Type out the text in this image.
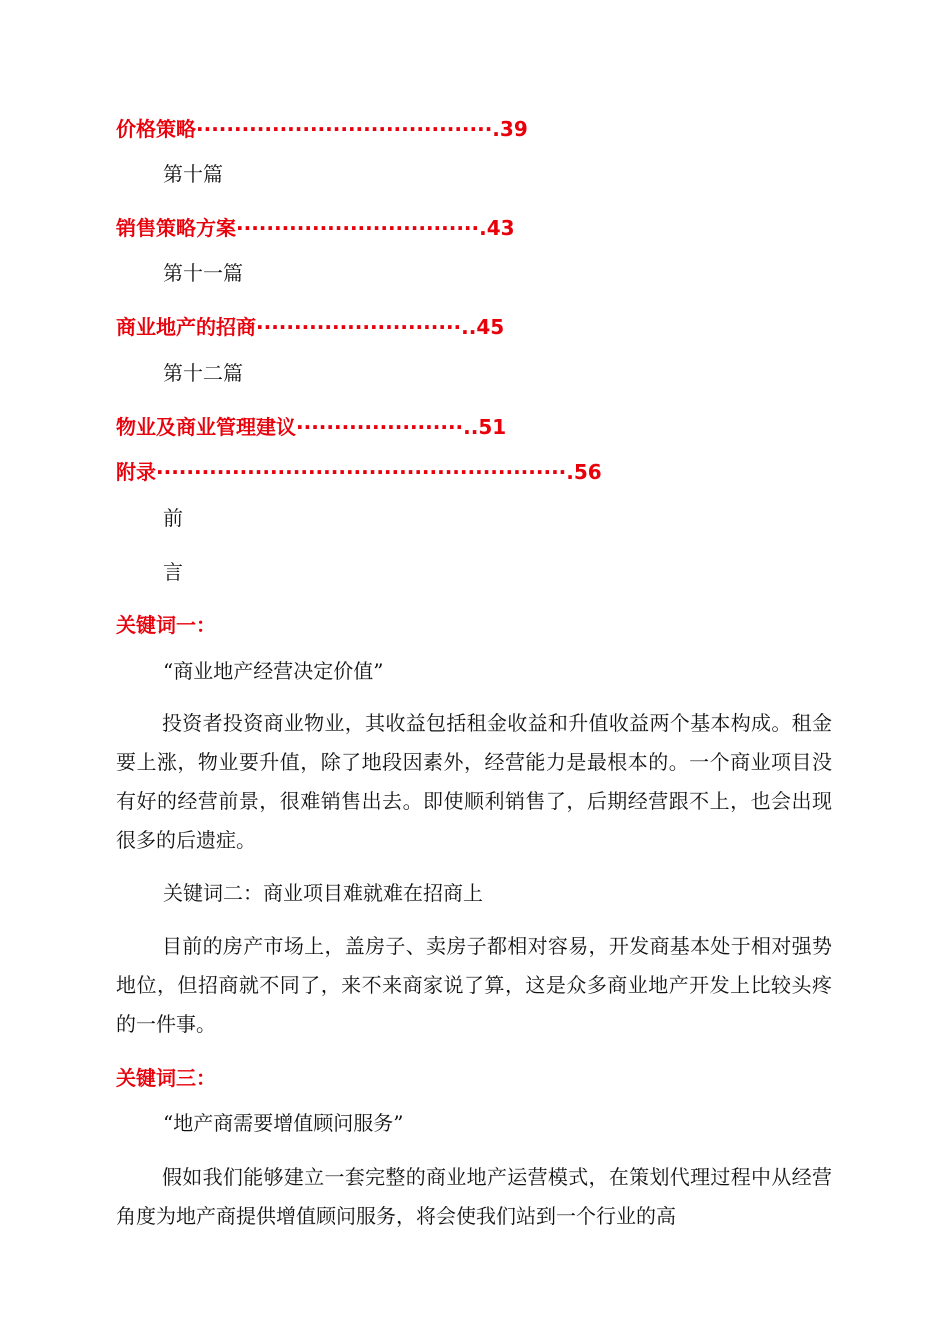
价格策略·······································.39

第十篇

销售策略方案································.43

第十一篇

商业地产的招商···························..45

第十二篇

物业及商业管理建议······················..51

附录······················································.56

前

言

关键词一：

“商业地产经营决定价值”

投资者投资商业物业，其收益包括租金收益和升值收益两个基本构成。租金要上涨，物业要升值，除了地段因素外，经营能力是最根本的。一个商业项目没有好的经营前景，很难销售出去。即使顺利销售了，后期经营跟不上，也会出现很多的后遗症。

关键词二：商业项目难就难在招商上

目前的房产市场上，盖房子、卖房子都相对容易，开发商基本处于相对强势地位，但招商就不同了，来不来商家说了算，这是众多商业地产开发上比较头疼的一件事。

关键词三：

“地产商需要增值顾问服务”

假如我们能够建立一套完整的商业地产运营模式，在策划代理过程中从经营角度为地产商提供增值顾问服务，将会使我们站到一个行业的高
